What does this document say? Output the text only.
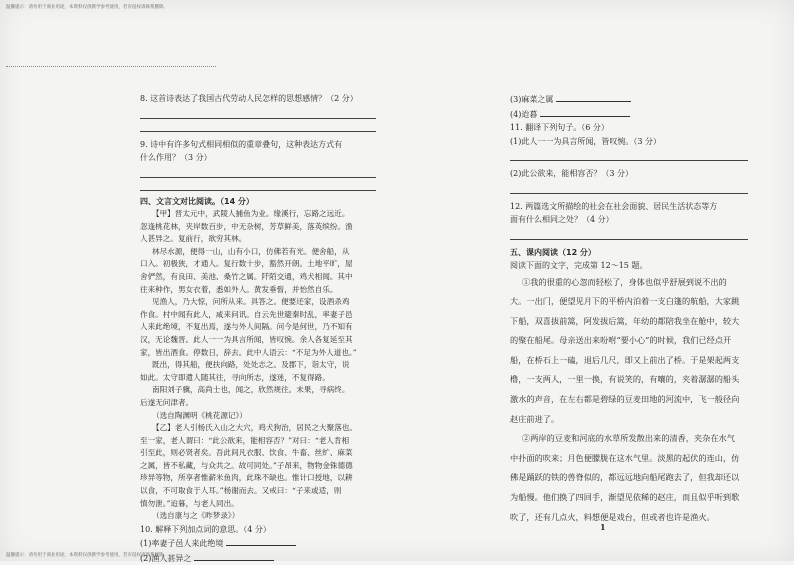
温馨提示：请勿用于商业用途，本资料仅供教学参考使用，若有侵权请联系删除。
8. 这首诗表达了我国古代劳动人民怎样的思想感情？（2 分）
9. 诗中有许多句式相同相似的重章叠句，这种表达方式有
什么作用？（3 分）
四、文言文对比阅读。（14 分）
【甲】晋太元中，武陵人捕鱼为业。缘溪行，忘路之远近。
忽逢桃花林，夹岸数百步，中无杂树，芳草鲜美，落英缤纷。渔
人甚异之。复前行，欲穷其林。
林尽水源，便得一山，山有小口，仿佛若有光。便舍船，从
口入。初极狭，才通人。复行数十步，豁然开朗。土地平旷，屋
舍俨然，有良田、美池、桑竹之属。阡陌交通，鸡犬相闻。其中
往来种作，男女衣着，悉如外人。黄发垂髫，并怡然自乐。
见渔人，乃大惊，问所从来。具答之。便要还家，设酒杀鸡
作食。村中闻有此人，咸来问讯。自云先世避秦时乱，率妻子邑
人来此绝境，不复出焉，遂与外人间隔。问今是何世，乃不知有
汉，无论魏晋。此人一一为具言所闻，皆叹惋。余人各复延至其
家，皆出酒食。停数日，辞去。此中人语云：“不足为外人道也。”
既出，得其船，便扶向路，处处志之。及郡下，诣太守，说
如此。太守即遣人随其往，寻向所志，遂迷，不复得路。
南阳刘子骥，高尚士也，闻之，欣然规往。未果，寻病终。
后遂无问津者。
（选自陶渊明《桃花源记》）
【乙】老人引杨氏入山之大穴，鸡犬狗治，居民之大聚落也。
至一家，老人谓曰：“此公欲来，能相容否？”对曰：“老人肯相
引至此，则必贤者矣。吾此间凡衣服、饮食、牛畜、丝纩、麻菜
之属，皆不私藏，与众共之。故可同处。”子昂来，物物金铢德德
珍异等物，所享者惟薪米鱼肉，此珠不缺也。惟计口授地，以耕
以食，不可取食于人耳。”杨谢而去。又戒曰：“子来或适，则
慎勿泄。”迨暮，与老人同出。
（选自康与之《昨梦录》）
10. 解释下列加点词的意思。（4 分）
(1)率妻子邑人来此绝境
(2)渔人甚异之
(3)麻菜之属
(4)迨暮
11. 翻译下列句子。（6 分）
(1)此人一一为具言所闻，皆叹惋。（3 分）
(2)此公欲来，能相容否？（3 分）
12. 两篇选文所描绘的社会在社会面貌、居民生活状态等方
面有什么相同之处？（4 分）
五、课内阅读（12 分）
阅读下面的文字，完成第 12～15 题。
①我的很重的心忽而轻松了，身体也似乎舒展到说不出的
大。一出门，便望见月下的平桥内泊着一支白篷的航船，大家跳
下船，双喜拔前篙，阿发拔后篙，年幼的都陪我坐在舱中，较大
的聚在船尾。母亲送出来吩咐“要小心”的时候，我们已经点开
船，在桥石上一磕，退后几尺，即又上前出了桥。于是架起两支
橹，一支两人，一里一换，有说笑的，有嚷的，夹着潺潺的船头
激水的声音，在左右都是碧绿的豆麦田地的河流中，飞一般径向
赵庄前进了。
②两岸的豆麦和河底的水草所发散出来的清香，夹杂在水气
中扑面的吹来；月色便朦胧在这水气里。淡黑的起伏的连山，仿
佛是踊跃的铁的兽脊似的，都远远地向船尾跑去了，但我却还以
为船慢。他们换了四回手，渐望见依稀的赵庄，而且似乎听到歌
吹了，还有几点火，料想便是戏台，但或者也许是渔火。
1
温馨提示：请勿用于商业用途，本资料仅供教学参考使用，若有侵权请联系删除。
